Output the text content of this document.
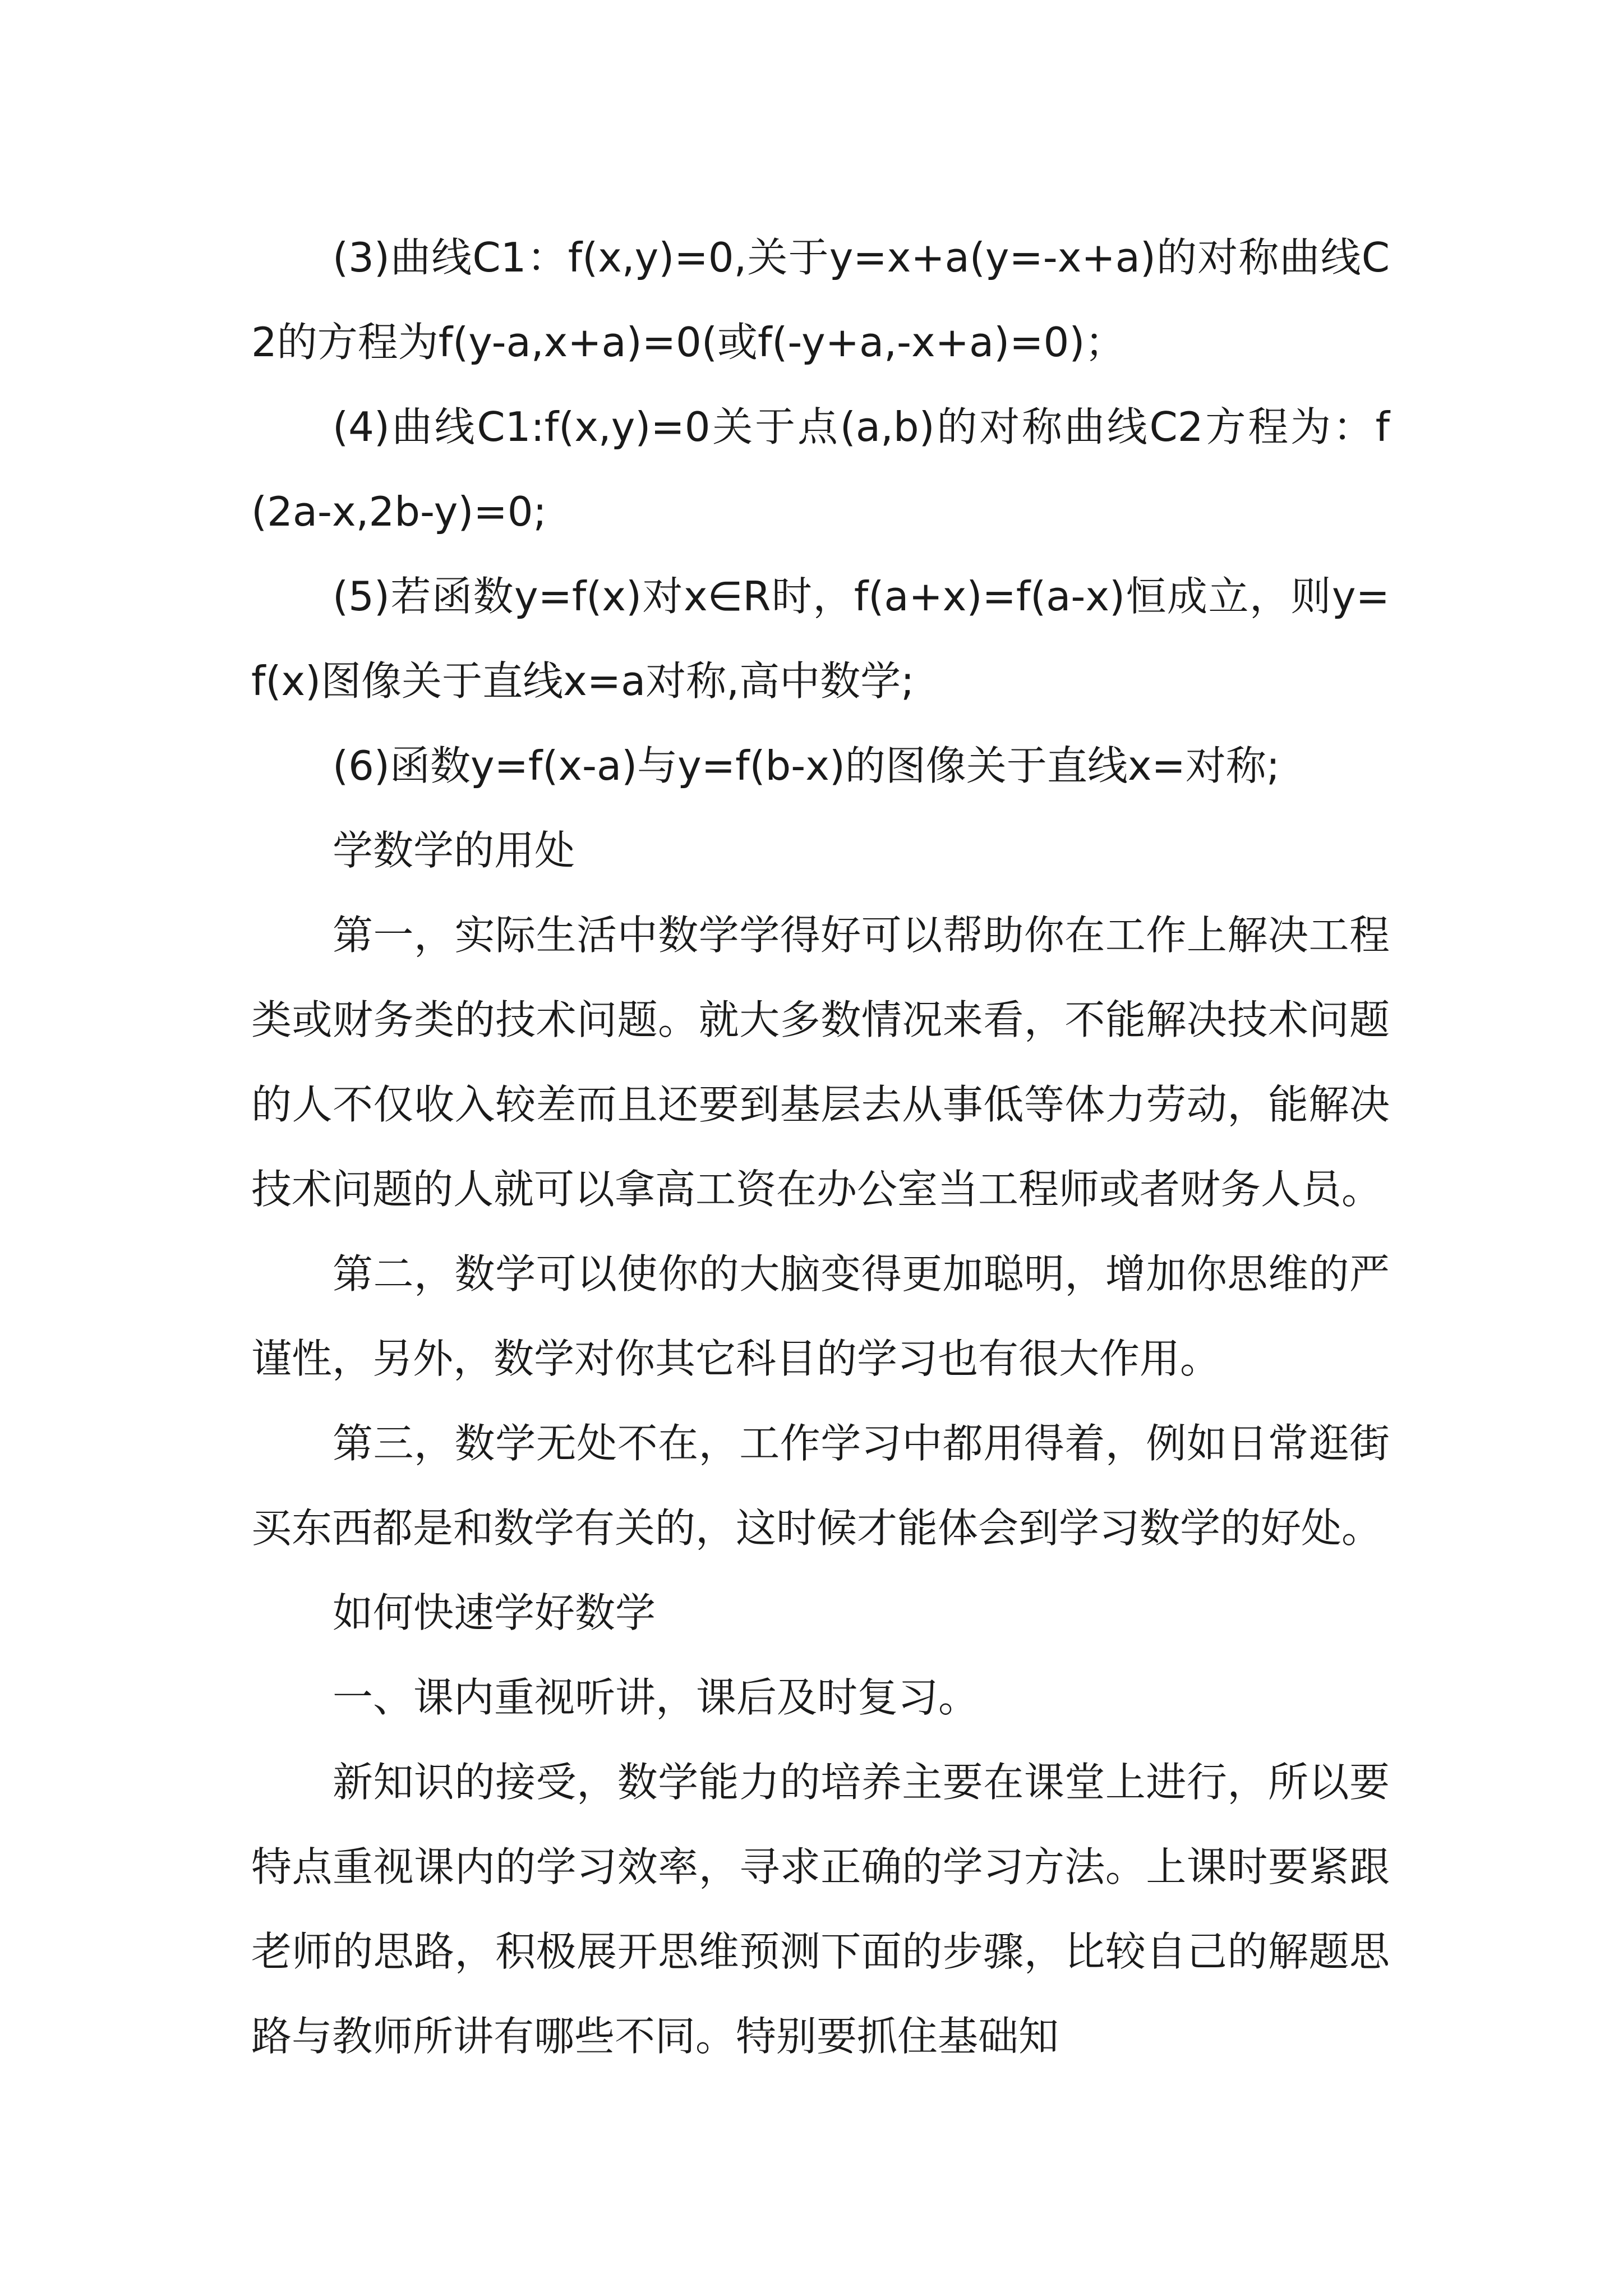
(3)曲线C1：f(x,y)=0,关于y=x+a(y=-x+a)的对称曲线C2的方程为f(y-a,x+a)=0(或f(-y+a,-x+a)=0)；

(4)曲线C1:f(x,y)=0关于点(a,b)的对称曲线C2方程为：f(2a-x,2b-y)=0;

(5)若函数y=f(x)对x∈R时，f(a+x)=f(a-x)恒成立，则y=f(x)图像关于直线x=a对称,高中数学;

(6)函数y=f(x-a)与y=f(b-x)的图像关于直线x=对称;

学数学的用处

第一，实际生活中数学学得好可以帮助你在工作上解决工程类或财务类的技术问题。就大多数情况来看，不能解决技术问题的人不仅收入较差而且还要到基层去从事低等体力劳动，能解决技术问题的人就可以拿高工资在办公室当工程师或者财务人员。

第二，数学可以使你的大脑变得更加聪明，增加你思维的严谨性，另外，数学对你其它科目的学习也有很大作用。

第三，数学无处不在，工作学习中都用得着，例如日常逛街买东西都是和数学有关的，这时候才能体会到学习数学的好处。

如何快速学好数学

一、课内重视听讲，课后及时复习。

新知识的接受，数学能力的培养主要在课堂上进行，所以要特点重视课内的学习效率，寻求正确的学习方法。上课时要紧跟老师的思路，积极展开思维预测下面的步骤，比较自己的解题思路与教师所讲有哪些不同。特别要抓住基础知
